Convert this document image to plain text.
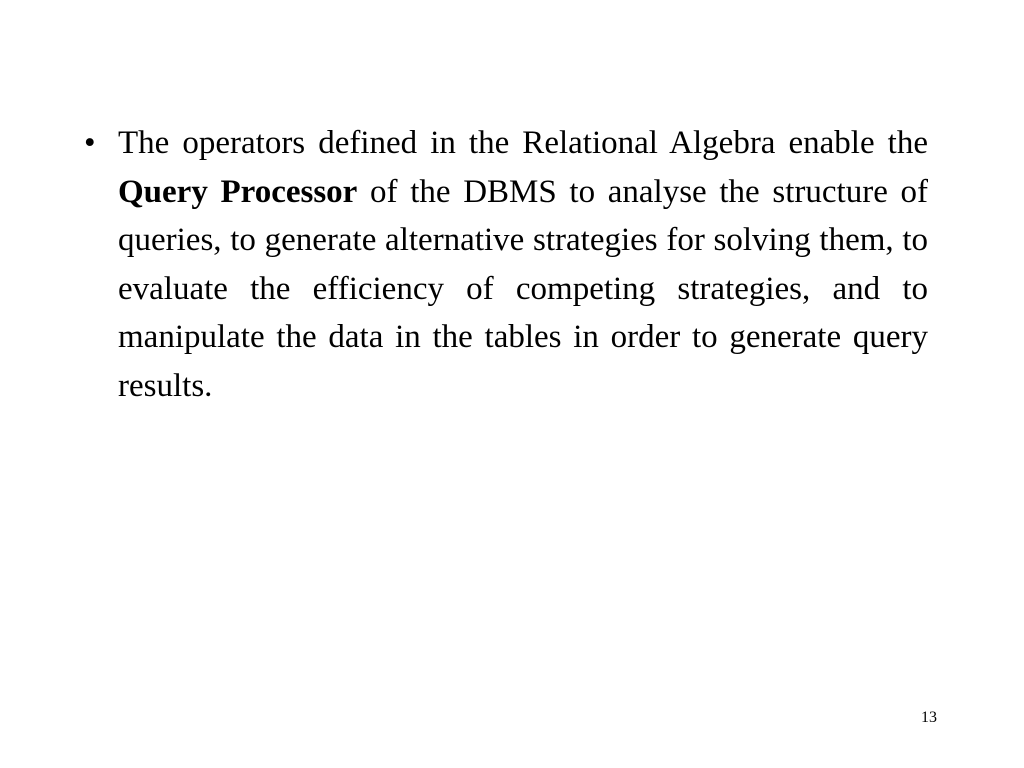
• The operators defined in the Relational Algebra enable the Query Processor of the DBMS to analyse the structure of queries, to generate alternative strategies for solving them, to evaluate the efficiency of competing strategies, and to manipulate the data in the tables in order to generate query results.

13
